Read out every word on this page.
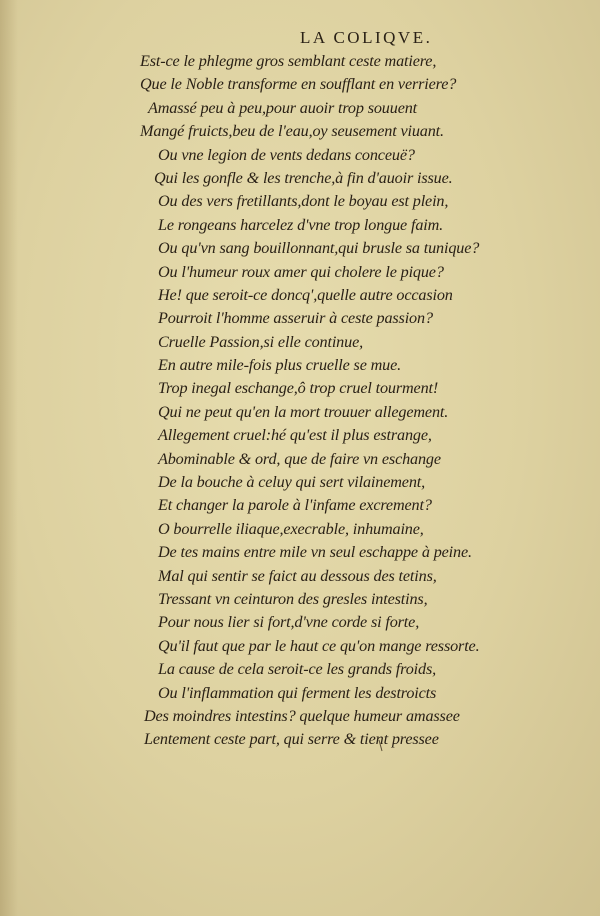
LA COLIQVE.

Est-ce le phlegme gros semblant ceste matiere,
Que le Noble transforme en soufflant en verriere?
Amassé peu à peu,pour auoir trop souuent
Mangé fruicts,beu de l'eau,oy seusement viuant.
Ou vne legion de vents dedans conceuë?
Qui les gonfle & les trenche,à fin d'auoir issue.
Ou des vers fretillants,dont le boyau est plein,
Le rongeans harcelez d'vne trop longue faim.
Ou qu'vn sang bouillonnant,qui brusle sa tunique?
Ou l'humeur roux amer qui cholere le pique?
He! que seroit-ce doncq',quelle autre occasion
Pourroit l'homme asseruir à ceste passion?
Cruelle Passion,si elle continue,
En autre mile-fois plus cruelle se mue.
Trop inegal eschange,ô trop cruel tourment!
Qui ne peut qu'en la mort trouuer allegement.
Allegement cruel:hé qu'est il plus estrange,
Abominable & ord, que de faire vn eschange
De la bouche à celuy qui sert vilainement,
Et changer la parole à l'infame excrement?
O bourrelle iliaque,execrable, inhumaine,
De tes mains entre mile vn seul eschappe à peine.
Mal qui sentir se faict au dessous des tetins,
Tressant vn ceinturon des gresles intestins,
Pour nous lier si fort,d'vne corde si forte,
Qu'il faut que par le haut ce qu'on mange ressorte.
La cause de cela seroit-ce les grands froids,
Ou l'inflammation qui ferment les destroicts
Des moindres intestins? quelque humeur amassee
Lentement ceste part, qui serre & tient pressee
